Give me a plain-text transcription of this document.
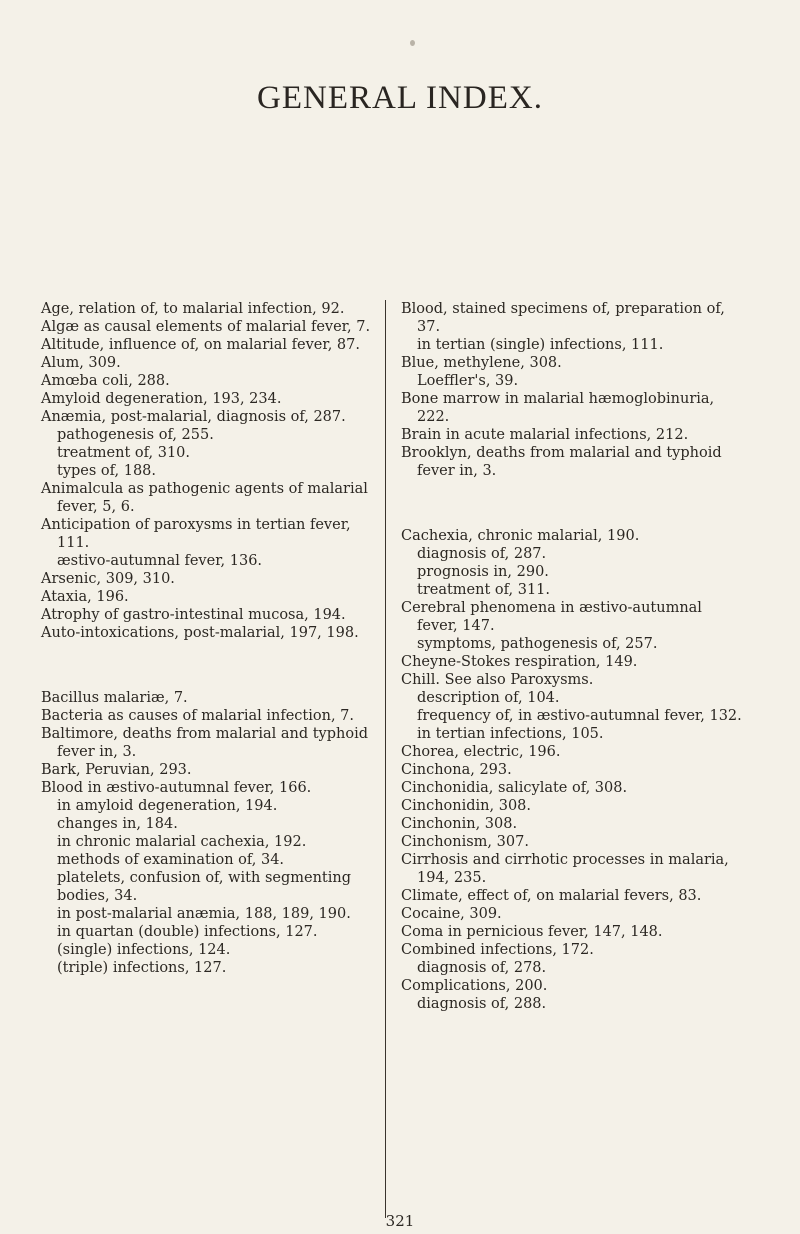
GENERAL INDEX.

Age, relation of, to malarial infection, 92.

Algæ as causal elements of malarial fever, 7.

Altitude, influence of, on malarial fever, 87.

Alum, 309.

Amœba coli, 288.

Amyloid degeneration, 193, 234.

Anæmia, post-malarial, diagnosis of, 287.

pathogenesis of, 255.

treatment of, 310.

types of, 188.

Animalcula as pathogenic agents of malarial fever, 5, 6.

Anticipation of paroxysms in tertian fever, 111.

æstivo-autumnal fever, 136.

Arsenic, 309, 310.

Ataxia, 196.

Atrophy of gastro-intestinal mucosa, 194.

Auto-intoxications, post-malarial, 197, 198.

Bacillus malariæ, 7.

Bacteria as causes of malarial infection, 7.

Baltimore, deaths from malarial and typhoid fever in, 3.

Bark, Peruvian, 293.

Blood in æstivo-autumnal fever, 166.

in amyloid degeneration, 194.

changes in, 184.

in chronic malarial cachexia, 192.

methods of examination of, 34.

platelets, confusion of, with segmenting bodies, 34.

in post-malarial anæmia, 188, 189, 190.

in quartan (double) infections, 127.

(single) infections, 124.

(triple) infections, 127.

Blood, stained specimens of, preparation of, 37.

in tertian (single) infections, 111.

Blue, methylene, 308.

Loeffler's, 39.

Bone marrow in malarial hæmoglobinuria, 222.

Brain in acute malarial infections, 212.

Brooklyn, deaths from malarial and typhoid fever in, 3.

Cachexia, chronic malarial, 190.

diagnosis of, 287.

prognosis in, 290.

treatment of, 311.

Cerebral phenomena in æstivo-autumnal fever, 147.

symptoms, pathogenesis of, 257.

Cheyne-Stokes respiration, 149.

Chill. See also Paroxysms.

description of, 104.

frequency of, in æstivo-autumnal fever, 132.

in tertian infections, 105.

Chorea, electric, 196.

Cinchona, 293.

Cinchonidia, salicylate of, 308.

Cinchonidin, 308.

Cinchonin, 308.

Cinchonism, 307.

Cirrhosis and cirrhotic processes in malaria, 194, 235.

Climate, effect of, on malarial fevers, 83.

Cocaine, 309.

Coma in pernicious fever, 147, 148.

Combined infections, 172.

diagnosis of, 278.

Complications, 200.

diagnosis of, 288.

321
